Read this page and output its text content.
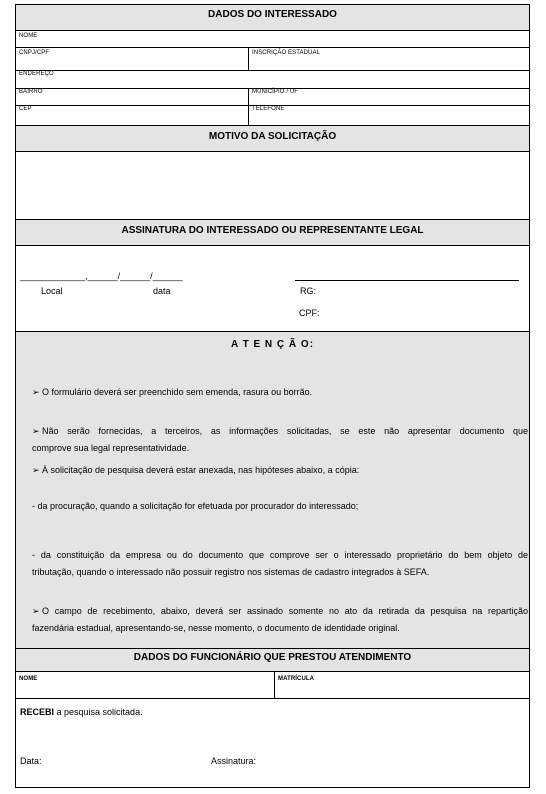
DADOS DO INTERESSADO
NOME
CNPJ/CPF	INSCRIÇÃO ESTADUAL
ENDEREÇO
BAIRRO	MUNICÍPIO / UF
CEP	TELEFONE
MOTIVO DA SOLICITAÇÃO
ASSINATURA DO INTERESSADO OU REPRESENTANTE LEGAL
_____________,______/______/______
Local	data	RG:
CPF:
A T E N Ç Ã O:
➢ O formulário deverá ser preenchido sem emenda, rasura ou borrão.
➢ Não serão fornecidas, a terceiros, as informações solicitadas, se este não apresentar documento que
comprove sua legal representatividade.
➢ À solicitação de pesquisa deverá estar anexada, nas hipóteses abaixo, a cópia:
- da procuração, quando a solicitação for efetuada por procurador do interessado;
- da constituição da empresa ou do documento que comprove ser o interessado proprietário do bem objeto de
tributação, quando o interessado não possuir registro nos sistemas de cadastro integrados à SEFA.
➢ O campo de recebimento, abaixo, deverá ser assinado somente no ato da retirada da pesquisa na repartição
fazendária estadual, apresentando-se, nesse momento, o documento de identidade original.
DADOS DO FUNCIONÁRIO QUE PRESTOU ATENDIMENTO
NOME	MATRÍCULA
RECEBI a pesquisa solicitada.
Data:	Assinatura:
